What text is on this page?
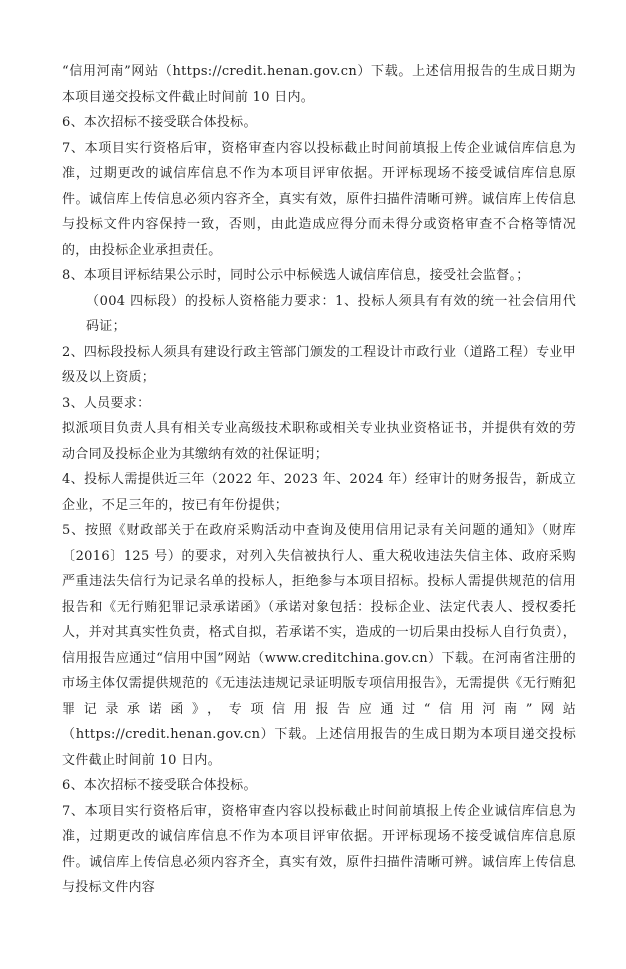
“信用河南”网站（https://credit.henan.gov.cn）下载。上述信用报告的生成日期为本项目递交投标文件截止时间前 10 日内。

6、本次招标不接受联合体投标。

7、本项目实行资格后审，资格审查内容以投标截止时间前填报上传企业诚信库信息为准，过期更改的诚信库信息不作为本项目评审依据。开评标现场不接受诚信库信息原件。诚信库上传信息必须内容齐全，真实有效，原件扫描件清晰可辨。诚信库上传信息与投标文件内容保持一致，否则，由此造成应得分而未得分或资格审查不合格等情况的，由投标企业承担责任。

8、本项目评标结果公示时，同时公示中标候选人诚信库信息，接受社会监督。；

（004 四标段）的投标人资格能力要求：1、投标人须具有有效的统一社会信用代码证；

2、四标段投标人须具有建设行政主管部门颁发的工程设计市政行业（道路工程）专业甲级及以上资质；

3、人员要求：

拟派项目负责人具有相关专业高级技术职称或相关专业执业资格证书，并提供有效的劳动合同及投标企业为其缴纳有效的社保证明；

4、投标人需提供近三年（2022 年、2023 年、2024 年）经审计的财务报告，新成立企业，不足三年的，按已有年份提供；

5、按照《财政部关于在政府采购活动中查询及使用信用记录有关问题的通知》（财库〔2016〕125 号）的要求，对列入失信被执行人、重大税收违法失信主体、政府采购严重违法失信行为记录名单的投标人，拒绝参与本项目招标。投标人需提供规范的信用报告和《无行贿犯罪记录承诺函》（承诺对象包括：投标企业、法定代表人、授权委托人，并对其真实性负责，格式自拟，若承诺不实，造成的一切后果由投标人自行负责），信用报告应通过“信用中国”网站（www.creditchina.gov.cn）下载。在河南省注册的市场主体仅需提供规范的《无违法违规记录证明版专项信用报告》，无需提供《无行贿犯罪记录承诺函》，专项信用报告应通过“信用河南”网站（https://credit.henan.gov.cn）下载。上述信用报告的生成日期为本项目递交投标文件截止时间前 10 日内。

6、本次招标不接受联合体投标。

7、本项目实行资格后审，资格审查内容以投标截止时间前填报上传企业诚信库信息为准，过期更改的诚信库信息不作为本项目评审依据。开评标现场不接受诚信库信息原件。诚信库上传信息必须内容齐全，真实有效，原件扫描件清晰可辨。诚信库上传信息与投标文件内容
